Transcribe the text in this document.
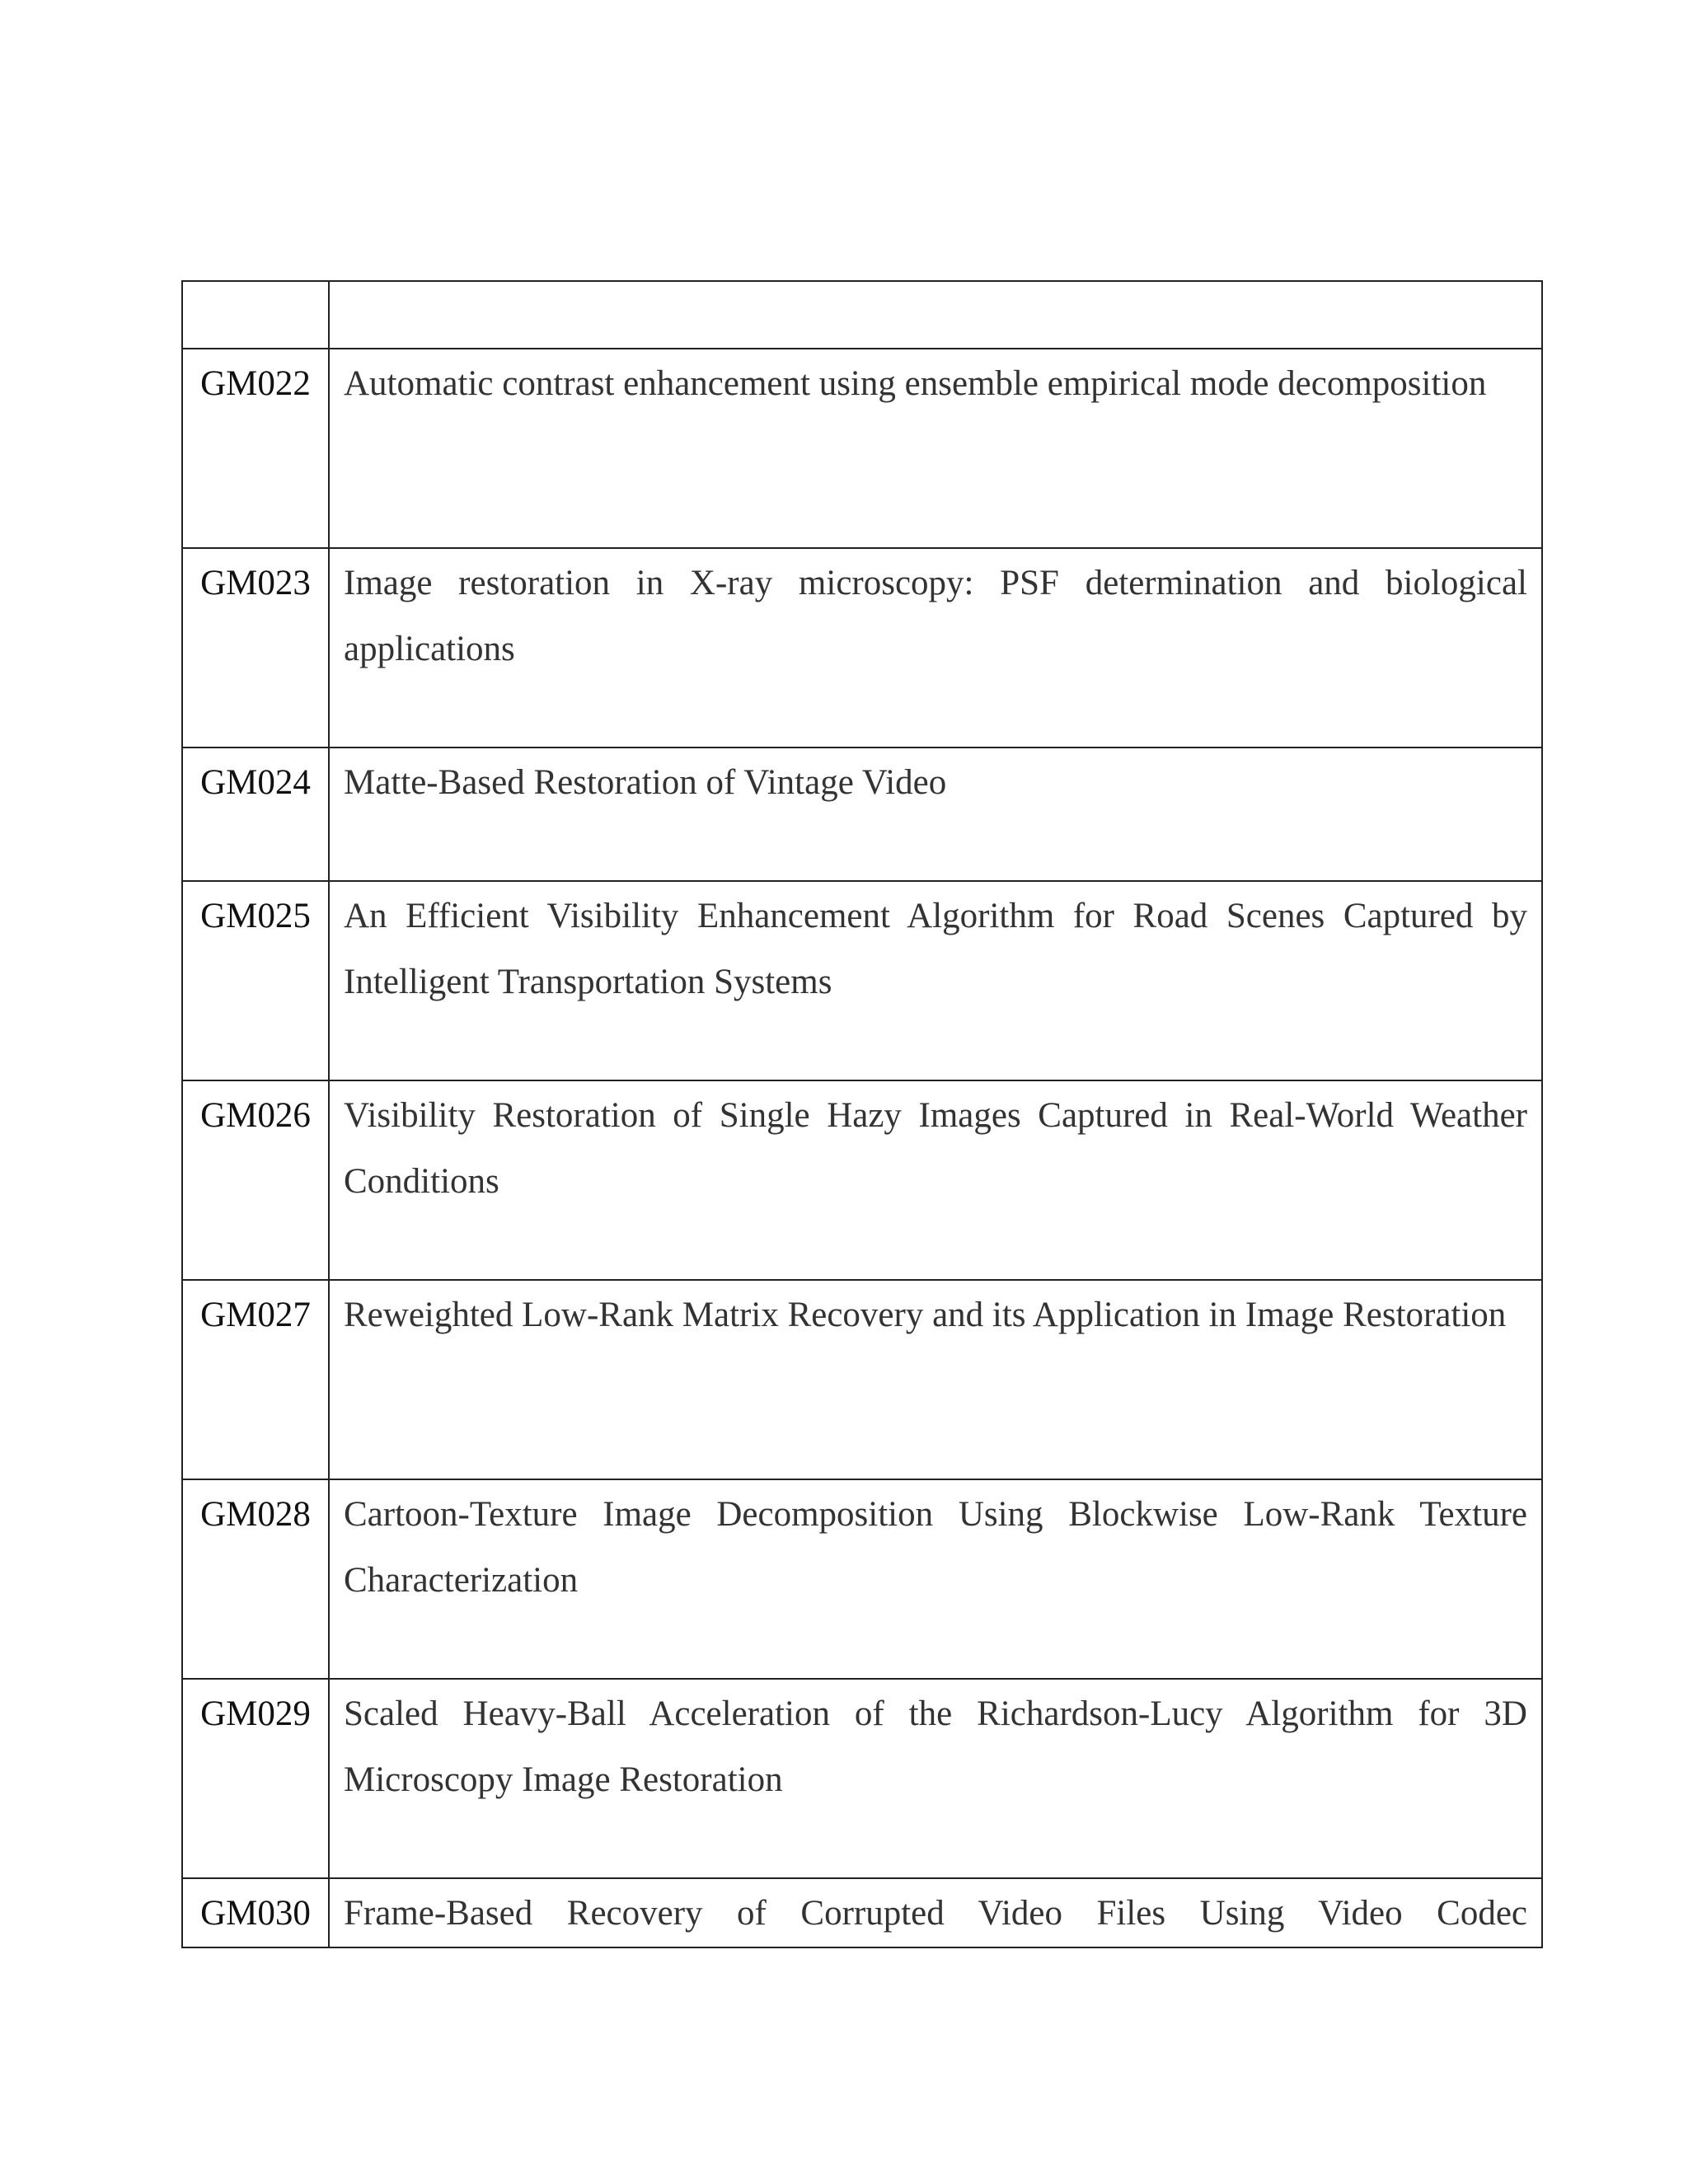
GM022	Automatic contrast enhancement using ensemble empirical mode decomposition
GM023	Image restoration in X-ray microscopy: PSF determination and biological applications
GM024	Matte-Based Restoration of Vintage Video
GM025	An Efficient Visibility Enhancement Algorithm for Road Scenes Captured by Intelligent Transportation Systems
GM026	Visibility Restoration of Single Hazy Images Captured in Real-World Weather Conditions
GM027	Reweighted Low-Rank Matrix Recovery and its Application in Image Restoration
GM028	Cartoon-Texture Image Decomposition Using Blockwise Low-Rank Texture Characterization
GM029	Scaled Heavy-Ball Acceleration of the Richardson-Lucy Algorithm for 3D Microscopy Image Restoration
GM030	Frame-Based Recovery of Corrupted Video Files Using Video Codec
